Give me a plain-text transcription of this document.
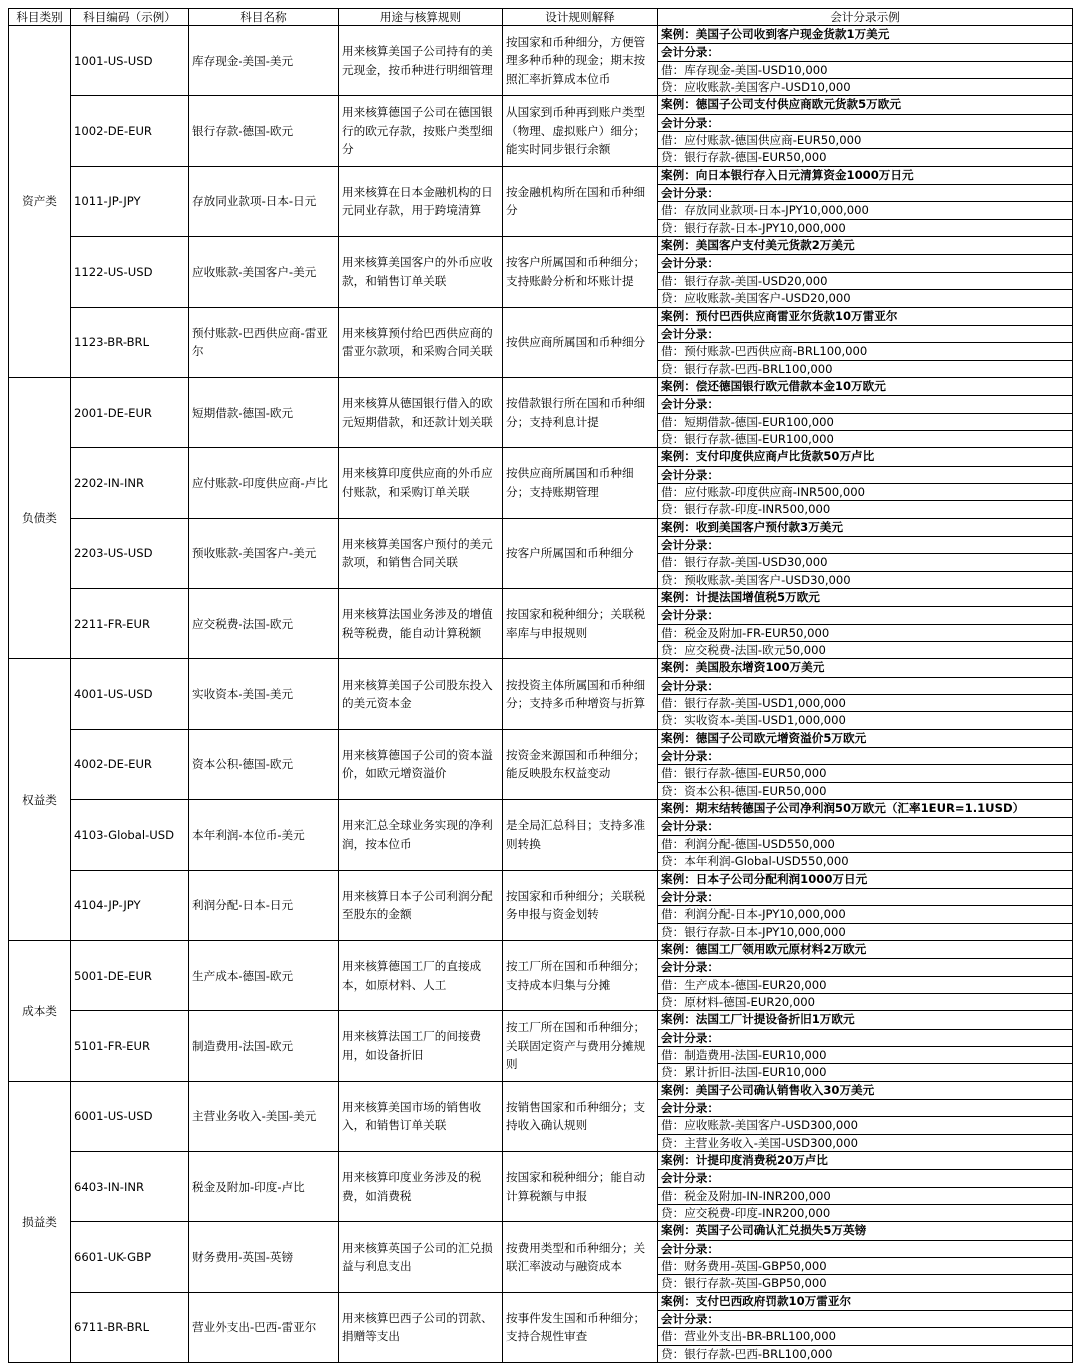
科目类别	科目编码（示例）	科目名称	用途与核算规则	设计规则解释	会计分录示例
资产类	1001-US-USD	库存现金-美国-美元	用来核算美国子公司持有的美元现金，按币种进行明细管理	按国家和币种细分，方便管理多种币种的现金；期末按照汇率折算成本位币	案例：美国子公司收到客户现金货款1万美元
会计分录：
借：库存现金-美国-USD10,000
贷：应收账款-美国客户-USD10,000

	1002-DE-EUR	银行存款-德国-欧元	用来核算德国子公司在德国银行的欧元存款，按账户类型细分	从国家到币种再到账户类型（物理、虚拟账户）细分；能实时同步银行余额	案例：德国子公司支付供应商欧元货款5万欧元
会计分录：
借：应付账款-德国供应商-EUR50,000
贷：银行存款-德国-EUR50,000

	1011-JP-JPY	存放同业款项-日本-日元	用来核算在日本金融机构的日元同业存款，用于跨境清算	按金融机构所在国和币种细分	案例：向日本银行存入日元清算资金1000万日元
会计分录：
借：存放同业款项-日本-JPY10,000,000
贷：银行存款-日本-JPY10,000,000

	1122-US-USD	应收账款-美国客户-美元	用来核算美国客户的外币应收款，和销售订单关联	按客户所属国和币种细分；支持账龄分析和坏账计提	案例：美国客户支付美元货款2万美元
会计分录：
借：银行存款-美国-USD20,000
贷：应收账款-美国客户-USD20,000

	1123-BR-BRL	预付账款-巴西供应商-雷亚尔	用来核算预付给巴西供应商的雷亚尔款项，和采购合同关联	按供应商所属国和币种细分	案例：预付巴西供应商雷亚尔货款10万雷亚尔
会计分录：
借：预付账款-巴西供应商-BRL100,000
贷：银行存款-巴西-BRL100,000

负债类	2001-DE-EUR	短期借款-德国-欧元	用来核算从德国银行借入的欧元短期借款，和还款计划关联	按借款银行所在国和币种细分；支持利息计提	案例：偿还德国银行欧元借款本金10万欧元
会计分录：
借：短期借款-德国-EUR100,000
贷：银行存款-德国-EUR100,000

	2202-IN-INR	应付账款-印度供应商-卢比	用来核算印度供应商的外币应付账款，和采购订单关联	按供应商所属国和币种细分；支持账期管理	案例：支付印度供应商卢比货款50万卢比
会计分录：
借：应付账款-印度供应商-INR500,000
贷：银行存款-印度-INR500,000

	2203-US-USD	预收账款-美国客户-美元	用来核算美国客户预付的美元款项，和销售合同关联	按客户所属国和币种细分	案例：收到美国客户预付款3万美元
会计分录：
借：银行存款-美国-USD30,000
贷：预收账款-美国客户-USD30,000

	2211-FR-EUR	应交税费-法国-欧元	用来核算法国业务涉及的增值税等税费，能自动计算税额	按国家和税种细分；关联税率库与申报规则	案例：计提法国增值税5万欧元
会计分录：
借：税金及附加-FR-EUR50,000
贷：应交税费-法国-欧元50,000

权益类	4001-US-USD	实收资本-美国-美元	用来核算美国子公司股东投入的美元资本金	按投资主体所属国和币种细分；支持多币种增资与折算	案例：美国股东增资100万美元
会计分录：
借：银行存款-美国-USD1,000,000
贷：实收资本-美国-USD1,000,000

	4002-DE-EUR	资本公积-德国-欧元	用来核算德国子公司的资本溢价，如欧元增资溢价	按资金来源国和币种细分；能反映股东权益变动	案例：德国子公司欧元增资溢价5万欧元
会计分录：
借：银行存款-德国-EUR50,000
贷：资本公积-德国-EUR50,000

	4103-Global-USD	本年利润-本位币-美元	用来汇总全球业务实现的净利润，按本位币	是全局汇总科目；支持多准则转换	案例：期末结转德国子公司净利润50万欧元（汇率1EUR=1.1USD）
会计分录：
借：利润分配-德国-USD550,000
贷：本年利润-Global-USD550,000

	4104-JP-JPY	利润分配-日本-日元	用来核算日本子公司利润分配至股东的金额	按国家和币种细分；关联税务申报与资金划转	案例：日本子公司分配利润1000万日元
会计分录：
借：利润分配-日本-JPY10,000,000
贷：银行存款-日本-JPY10,000,000

成本类	5001-DE-EUR	生产成本-德国-欧元	用来核算德国工厂的直接成本，如原材料、人工	按工厂所在国和币种细分；支持成本归集与分摊	案例：德国工厂领用欧元原材料2万欧元
会计分录：
借：生产成本-德国-EUR20,000
贷：原材料-德国-EUR20,000

	5101-FR-EUR	制造费用-法国-欧元	用来核算法国工厂的间接费用，如设备折旧	按工厂所在国和币种细分；关联固定资产与费用分摊规则	案例：法国工厂计提设备折旧1万欧元
会计分录：
借：制造费用-法国-EUR10,000
贷：累计折旧-法国-EUR10,000

损益类	6001-US-USD	主营业务收入-美国-美元	用来核算美国市场的销售收入，和销售订单关联	按销售国家和币种细分；支持收入确认规则	案例：美国子公司确认销售收入30万美元
会计分录：
借：应收账款-美国客户-USD300,000
贷：主营业务收入-美国-USD300,000

	6403-IN-INR	税金及附加-印度-卢比	用来核算印度业务涉及的税费，如消费税	按国家和税种细分；能自动计算税额与申报	案例：计提印度消费税20万卢比
会计分录：
借：税金及附加-IN-INR200,000
贷：应交税费-印度-INR200,000

	6601-UK-GBP	财务费用-英国-英镑	用来核算英国子公司的汇兑损益与利息支出	按费用类型和币种细分；关联汇率波动与融资成本	案例：英国子公司确认汇兑损失5万英镑
会计分录：
借：财务费用-英国-GBP50,000
贷：银行存款-英国-GBP50,000

	6711-BR-BRL	营业外支出-巴西-雷亚尔	用来核算巴西子公司的罚款、捐赠等支出	按事件发生国和币种细分；支持合规性审查	案例：支付巴西政府罚款10万雷亚尔
会计分录：
借：营业外支出-BR-BRL100,000
贷：银行存款-巴西-BRL100,000
